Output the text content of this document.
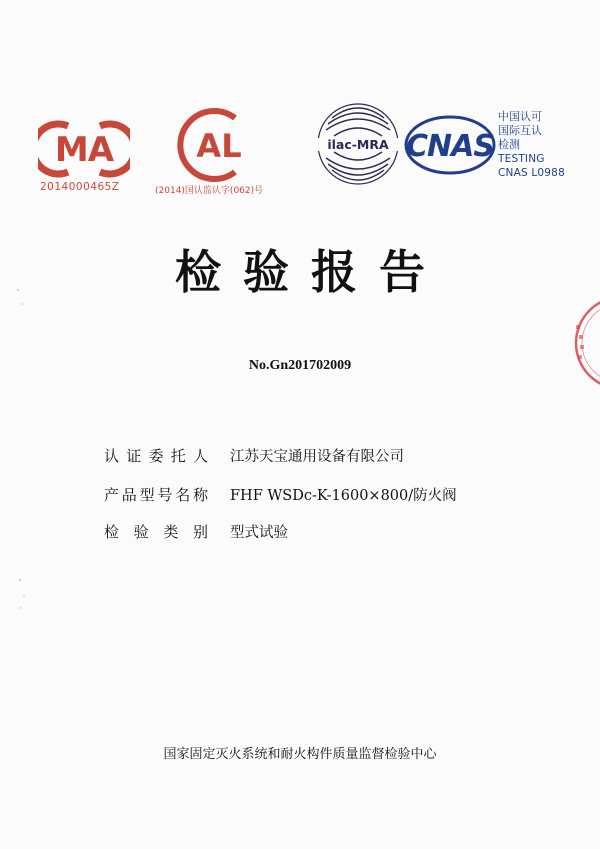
MA
2014000465Z
AL
(2014)国认监认字(062)号
ilac-MRA CNAS
中国认可
国际互认
检测
TESTING
CNAS L0988
检验报告
No.Gn201702009
认 证 委 托 人 江苏天宝通用设备有限公司
产 品 型 号 名 称 FHF WSDc-K-1600×800/防火阀
检 验 类 别 型式试验
国家固定灭火系统和耐火构件质量监督检验中心
